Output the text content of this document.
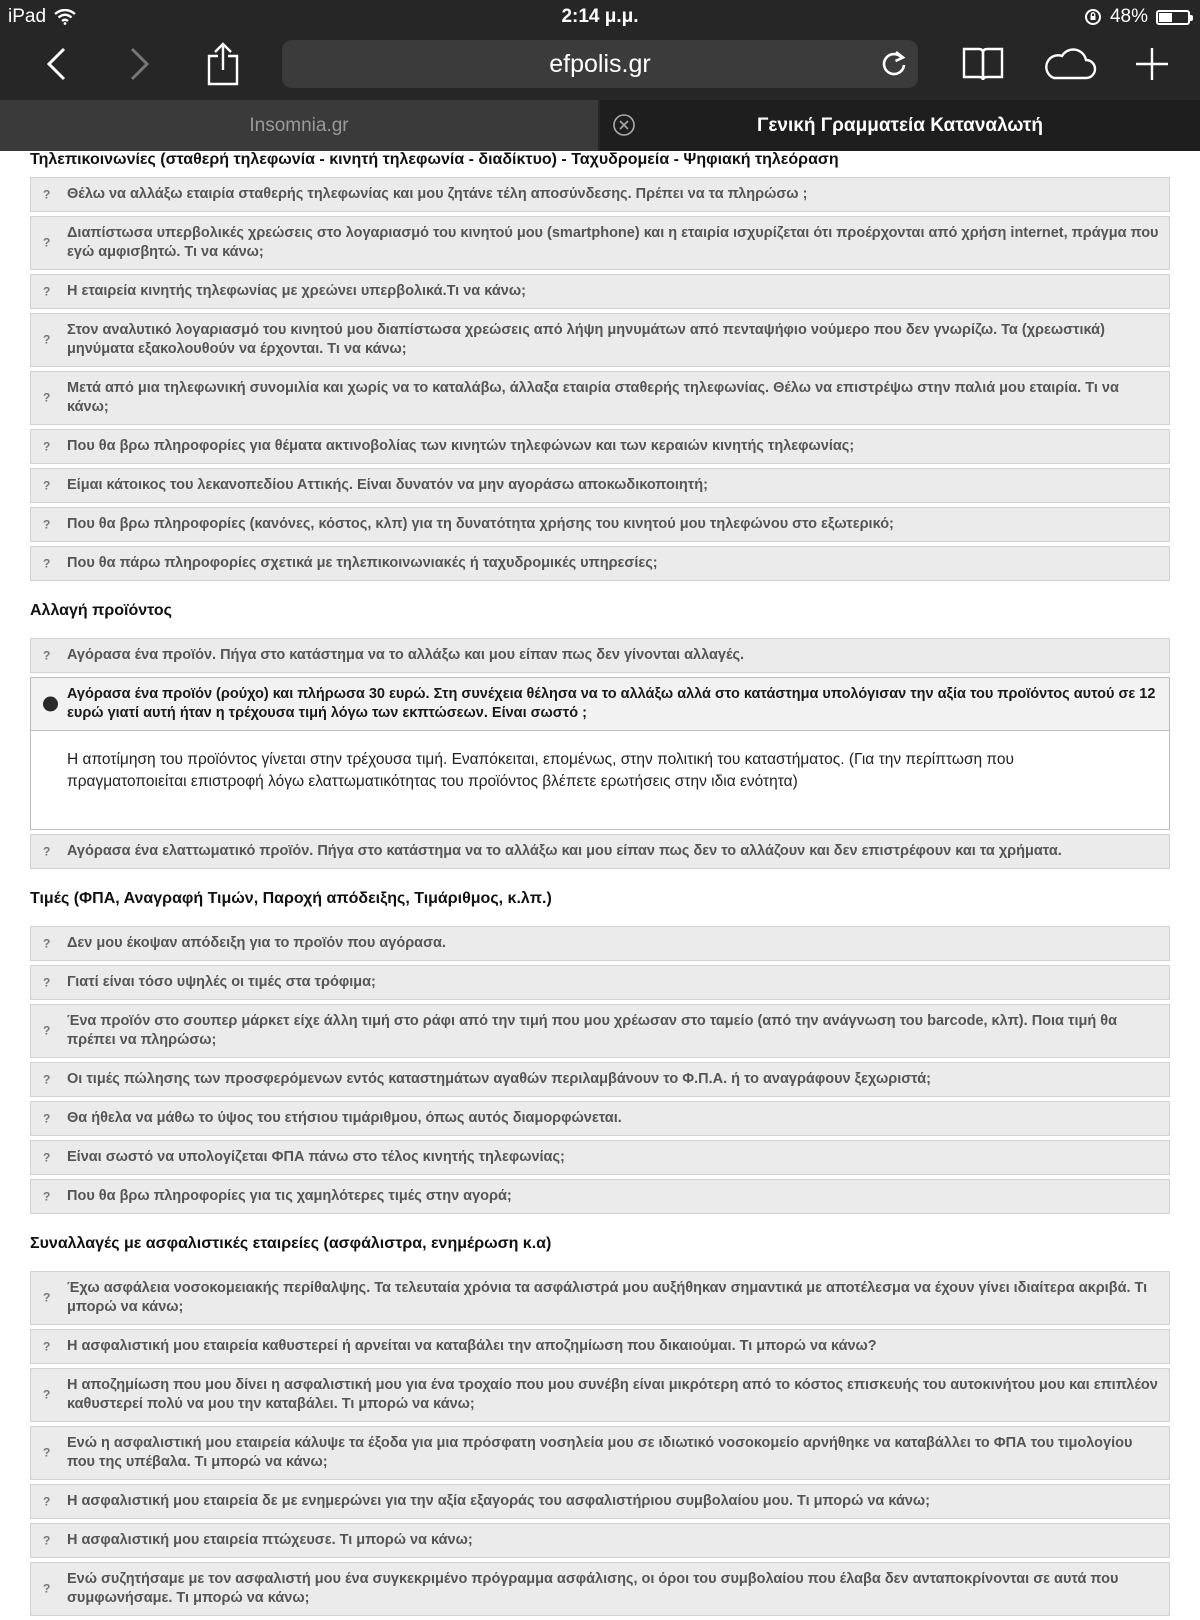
iPad	2:14 μ.μ.	48%
efpolis.gr
Insomnia.gr	Γενική Γραμματεία Καταναλωτή
Τηλεπικοινωνίες (σταθερή τηλεφωνία - κινητή τηλεφωνία - διαδίκτυο) - Ταχυδρομεία - Ψηφιακή τηλεόραση
? Θέλω να αλλάξω εταιρία σταθερής τηλεφωνίας και μου ζητάνε τέλη αποσύνδεσης. Πρέπει να τα πληρώσω ;
?
Διαπίστωσα υπερβολικές χρεώσεις στο λογαριασμό του κινητού μου (smartphone) και η εταιρία ισχυρίζεται ότι προέρχονται από χρήση internet, πράγμα που εγώ αμφισβητώ. Τι να κάνω;
? Η εταιρεία κινητής τηλεφωνίας με χρεώνει υπερβολικά.Τι να κάνω;
?
Στον αναλυτικό λογαριασμό του κινητού μου διαπίστωσα χρεώσεις από λήψη μηνυμάτων από πενταψήφιο νούμερο που δεν γνωρίζω. Τα (χρεωστικά) μηνύματα εξακολουθούν να έρχονται. Τι να κάνω;
?
Μετά από μια τηλεφωνική συνομιλία και χωρίς να το καταλάβω, άλλαξα εταιρία σταθερής τηλεφωνίας. Θέλω να επιστρέψω στην παλιά μου εταιρία. Τι να κάνω;
? Που θα βρω πληροφορίες για θέματα ακτινοβολίας των κινητών τηλεφώνων και των κεραιών κινητής τηλεφωνίας;
? Είμαι κάτοικος του λεκανοπεδίου Αττικής. Είναι δυνατόν να μην αγοράσω αποκωδικοποιητή;
? Που θα βρω πληροφορίες (κανόνες, κόστος, κλπ) για τη δυνατότητα χρήσης του κινητού μου τηλεφώνου στο εξωτερικό;
? Που θα πάρω πληροφορίες σχετικά με τηλεπικοινωνιακές ή ταχυδρομικές υπηρεσίες;
Αλλαγή προϊόντος
? Αγόρασα ένα προϊόν. Πήγα στο κατάστημα να το αλλάξω και μου είπαν πως δεν γίνονται αλλαγές.
Αγόρασα ένα προϊόν (ρούχο) και πλήρωσα 30 ευρώ. Στη συνέχεια θέλησα να το αλλάξω αλλά στο κατάστημα υπολόγισαν την αξία του προϊόντος αυτού σε 12 ευρώ γιατί αυτή ήταν η τρέχουσα τιμή λόγω των εκπτώσεων. Είναι σωστό ;
Η αποτίμηση του προϊόντος γίνεται στην τρέχουσα τιμή. Εναπόκειται, επομένως, στην πολιτική του καταστήματος. (Για την περίπτωση που πραγματοποιείται επιστροφή λόγω ελαττωματικότητας του προϊόντος βλέπετε ερωτήσεις στην ιδια ενότητα)
? Αγόρασα ένα ελαττωματικό προϊόν. Πήγα στο κατάστημα να το αλλάξω και μου είπαν πως δεν το αλλάζουν και δεν επιστρέφουν και τα χρήματα.
Τιμές (ΦΠΑ, Αναγραφή Τιμών, Παροχή απόδειξης, Τιμάριθμος, κ.λπ.)
? Δεν μου έκοψαν απόδειξη για το προϊόν που αγόρασα.
? Γιατί είναι τόσο υψηλές οι τιμές στα τρόφιμα;
?
Ένα προϊόν στο σουπερ μάρκετ είχε άλλη τιμή στο ράφι από την τιμή που μου χρέωσαν στο ταμείο (από την ανάγνωση του barcode, κλπ). Ποια τιμή θα πρέπει να πληρώσω;
? Οι τιμές πώλησης των προσφερόμενων εντός καταστημάτων αγαθών περιλαμβάνουν το Φ.Π.Α. ή το αναγράφουν ξεχωριστά;
? Θα ήθελα να μάθω το ύψος του ετήσιου τιμάριθμου, όπως αυτός διαμορφώνεται.
? Είναι σωστό να υπολογίζεται ΦΠΑ πάνω στο τέλος κινητής τηλεφωνίας;
? Που θα βρω πληροφορίες για τις χαμηλότερες τιμές στην αγορά;
Συναλλαγές με ασφαλιστικές εταιρείες (ασφάλιστρα, ενημέρωση κ.α)
?
Έχω ασφάλεια νοσοκομειακής περίθαλψης. Τα τελευταία χρόνια τα ασφάλιστρά μου αυξήθηκαν σημαντικά με αποτέλεσμα να έχουν γίνει ιδιαίτερα ακριβά. Τι μπορώ να κάνω;
? Η ασφαλιστική μου εταιρεία καθυστερεί ή αρνείται να καταβάλει την αποζημίωση που δικαιούμαι. Τι μπορώ να κάνω?
?
Η αποζημίωση που μου δίνει η ασφαλιστική μου για ένα τροχαίο που μου συνέβη είναι μικρότερη από το κόστος επισκευής του αυτοκινήτου μου και επιπλέον καθυστερεί πολύ να μου την καταβάλει. Τι μπορώ να κάνω;
?
Ενώ η ασφαλιστική μου εταιρεία κάλυψε τα έξοδα για μια πρόσφατη νοσηλεία μου σε ιδιωτικό νοσοκομείο αρνήθηκε να καταβάλλει το ΦΠΑ του τιμολογίου που της υπέβαλα. Τι μπορώ να κάνω;
? Η ασφαλιστική μου εταιρεία δε με ενημερώνει για την αξία εξαγοράς του ασφαλιστήριου συμβολαίου μου. Τι μπορώ να κάνω;
? Η ασφαλιστική μου εταιρεία πτώχευσε. Τι μπορώ να κάνω;
?
Ενώ συζητήσαμε με τον ασφαλιστή μου ένα συγκεκριμένο πρόγραμμα ασφάλισης, οι όροι του συμβολαίου που έλαβα δεν ανταποκρίνονται σε αυτά που συμφωνήσαμε. Τι μπορώ να κάνω;
